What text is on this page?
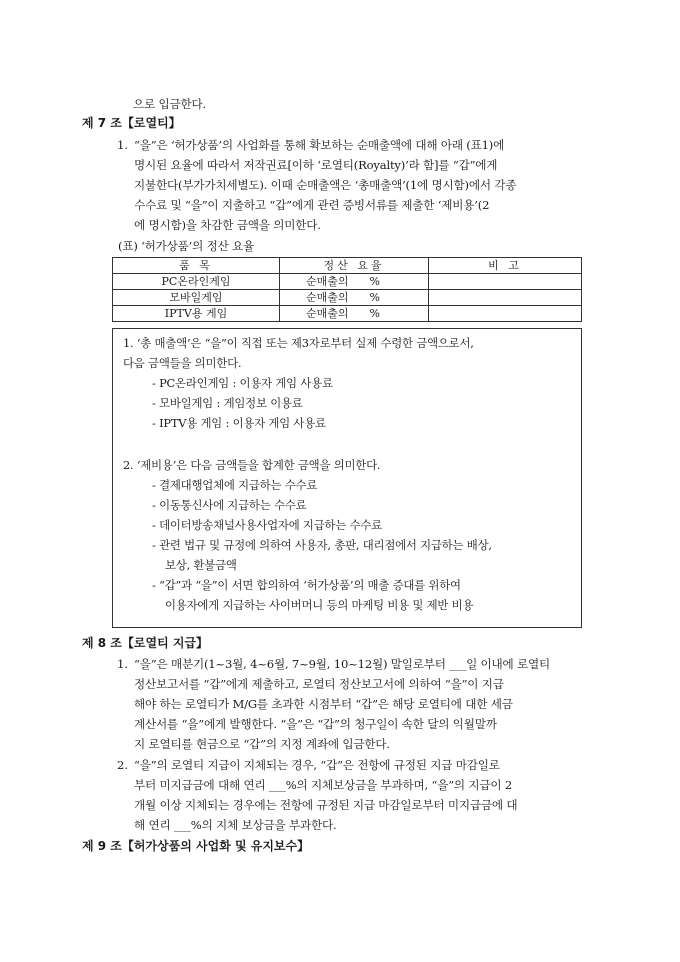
으로 입금한다.
제 7 조【로열티】
1. “을”은 ‘허가상품’의 사업화를 통해 확보하는 순매출액에 대해 아래 (표1)에
명시된 요율에 따라서 저작권료[이하 ‘로열티(Royalty)’라 함]를 “갑”에게
지불한다(부가가치세별도). 이때 순매출액은 ‘총매출액’(1에 명시함)에서 각종
수수료 및 “을”이 지출하고 “갑”에게 관련 증빙서류를 제출한 ‘제비용’(2
에 명시함)을 차감한 금액을 의미한다.
(표) ‘허가상품’의 정산 요율
품 목	정산 요율	비 고
PC온라인게임	순매출의      %	
모바일게임	순매출의      %	
IPTV용 게임	순매출의      %	
1. ‘총 매출액’은 “을”이 직접 또는 제3자로부터 실제 수령한 금액으로서,
다음 금액들을 의미한다.
- PC온라인게임 : 이용자 게임 사용료
- 모바일게임 : 게임정보 이용료
- IPTV용 게임 : 이용자 게임 사용료
2. ‘제비용’은 다음 금액들을 합계한 금액을 의미한다.
- 결제대행업체에 지급하는 수수료
- 이동통신사에 지급하는 수수료
- 데이터방송채널사용사업자에 지급하는 수수료
- 관련 법규 및 규정에 의하여 사용자, 총판, 대리점에서 지급하는 배상,
보상, 환불금액
- “갑”과 “을”이 서면 합의하여 ‘허가상품’의 매출 증대를 위하여
이용자에게 지급하는 사이버머니 등의 마케팅 비용 및 제반 비용
제 8 조【로열티 지급】
1. “을”은 매분기(1~3월, 4~6월, 7~9월, 10~12월) 말일로부터 ___일 이내에 로열티
정산보고서를 “갑”에게 제출하고, 로열티 정산보고서에 의하여 “을”이 지급
해야 하는 로열티가 M/G를 초과한 시점부터 “갑”은 해당 로열티에 대한 세금
계산서를 “을”에게 발행한다. “을”은 “갑”의 청구일이 속한 달의 익월말까
지 로열티를 현금으로 “갑”의 지정 계좌에 입금한다.
2. “을”의 로열티 지급이 지체되는 경우, “갑”은 전항에 규정된 지급 마감일로
부터 미지급금에 대해 연리 ___%의 지체보상금을 부과하며, “을”의 지급이 2
개월 이상 지체되는 경우에는 전항에 규정된 지급 마감일로부터 미지급금에 대
해 연리 ___%의 지체 보상금을 부과한다.
제 9 조【허가상품의 사업화 및 유지보수】
